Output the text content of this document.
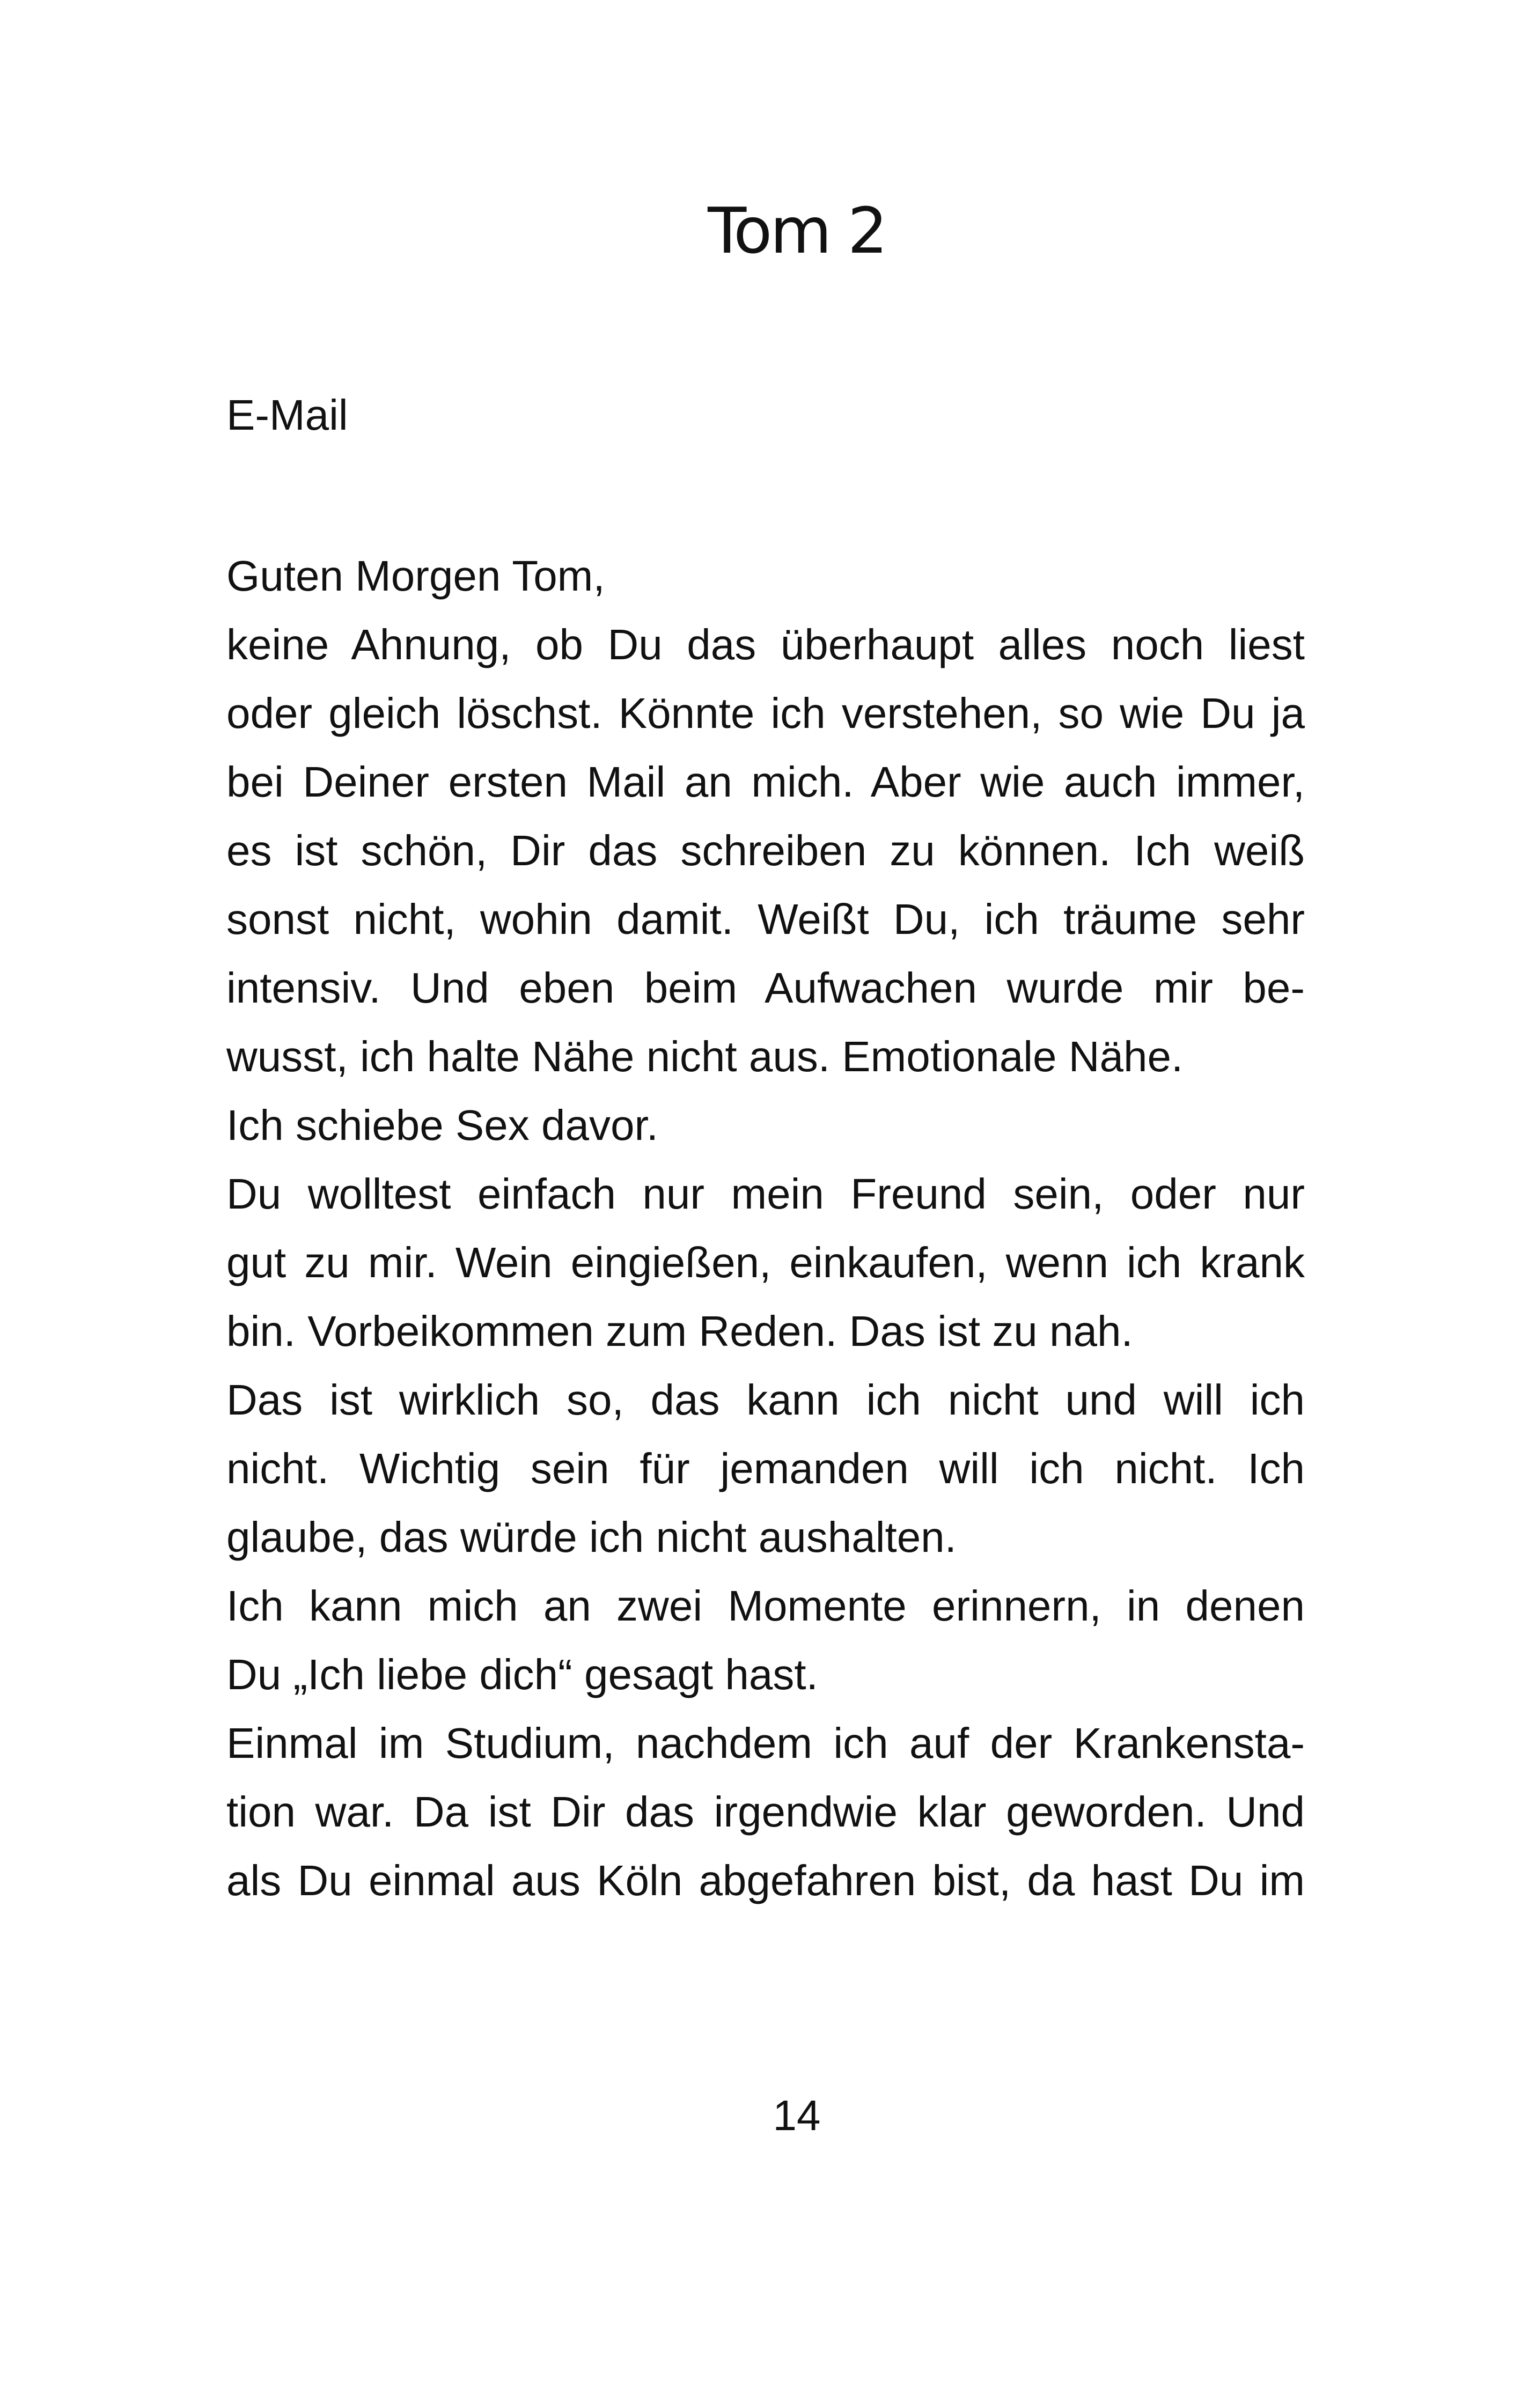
Tom 2

E-Mail

Guten Morgen Tom,
keine Ahnung, ob Du das überhaupt alles noch liest
oder gleich löschst. Könnte ich verstehen, so wie Du ja
bei Deiner ersten Mail an mich. Aber wie auch immer,
es ist schön, Dir das schreiben zu können. Ich weiß
sonst nicht, wohin damit. Weißt Du, ich träume sehr
intensiv. Und eben beim Aufwachen wurde mir be-
wusst, ich halte Nähe nicht aus. Emotionale Nähe.
Ich schiebe Sex davor.
Du wolltest einfach nur mein Freund sein, oder nur
gut zu mir. Wein eingießen, einkaufen, wenn ich krank
bin. Vorbeikommen zum Reden. Das ist zu nah.
Das ist wirklich so, das kann ich nicht und will ich
nicht. Wichtig sein für jemanden will ich nicht. Ich
glaube, das würde ich nicht aushalten.
Ich kann mich an zwei Momente erinnern, in denen
Du „Ich liebe dich“ gesagt hast.
Einmal im Studium, nachdem ich auf der Krankensta-
tion war. Da ist Dir das irgendwie klar geworden. Und
als Du einmal aus Köln abgefahren bist, da hast Du im

14
